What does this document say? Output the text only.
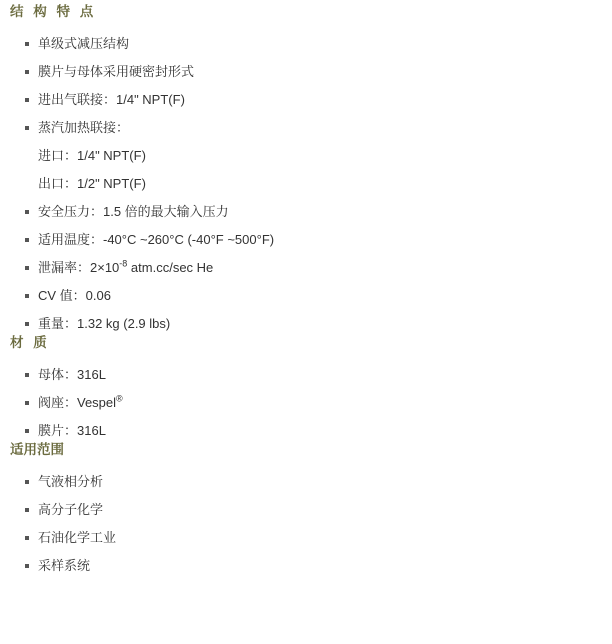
结 构 特 点
单级式减压结构
膜片与母体采用硬密封形式
进出气联接：1/4" NPT(F)
蒸汽加热联接：
进口：1/4" NPT(F)
出口：1/2" NPT(F)
安全压力：1.5 倍的最大输入压力
适用温度：-40°C ~260°C (-40°F ~500°F)
泄漏率：$2\times 10^{-8}$ atm.cc/sec He
CV 值：0.06
重量：1.32 kg (2.9 lbs)
材 质
母体：316L
阀座：Vespel®
膜片：316L
适用范围
气液相分析
高分子化学
石油化学工业
采样系统
